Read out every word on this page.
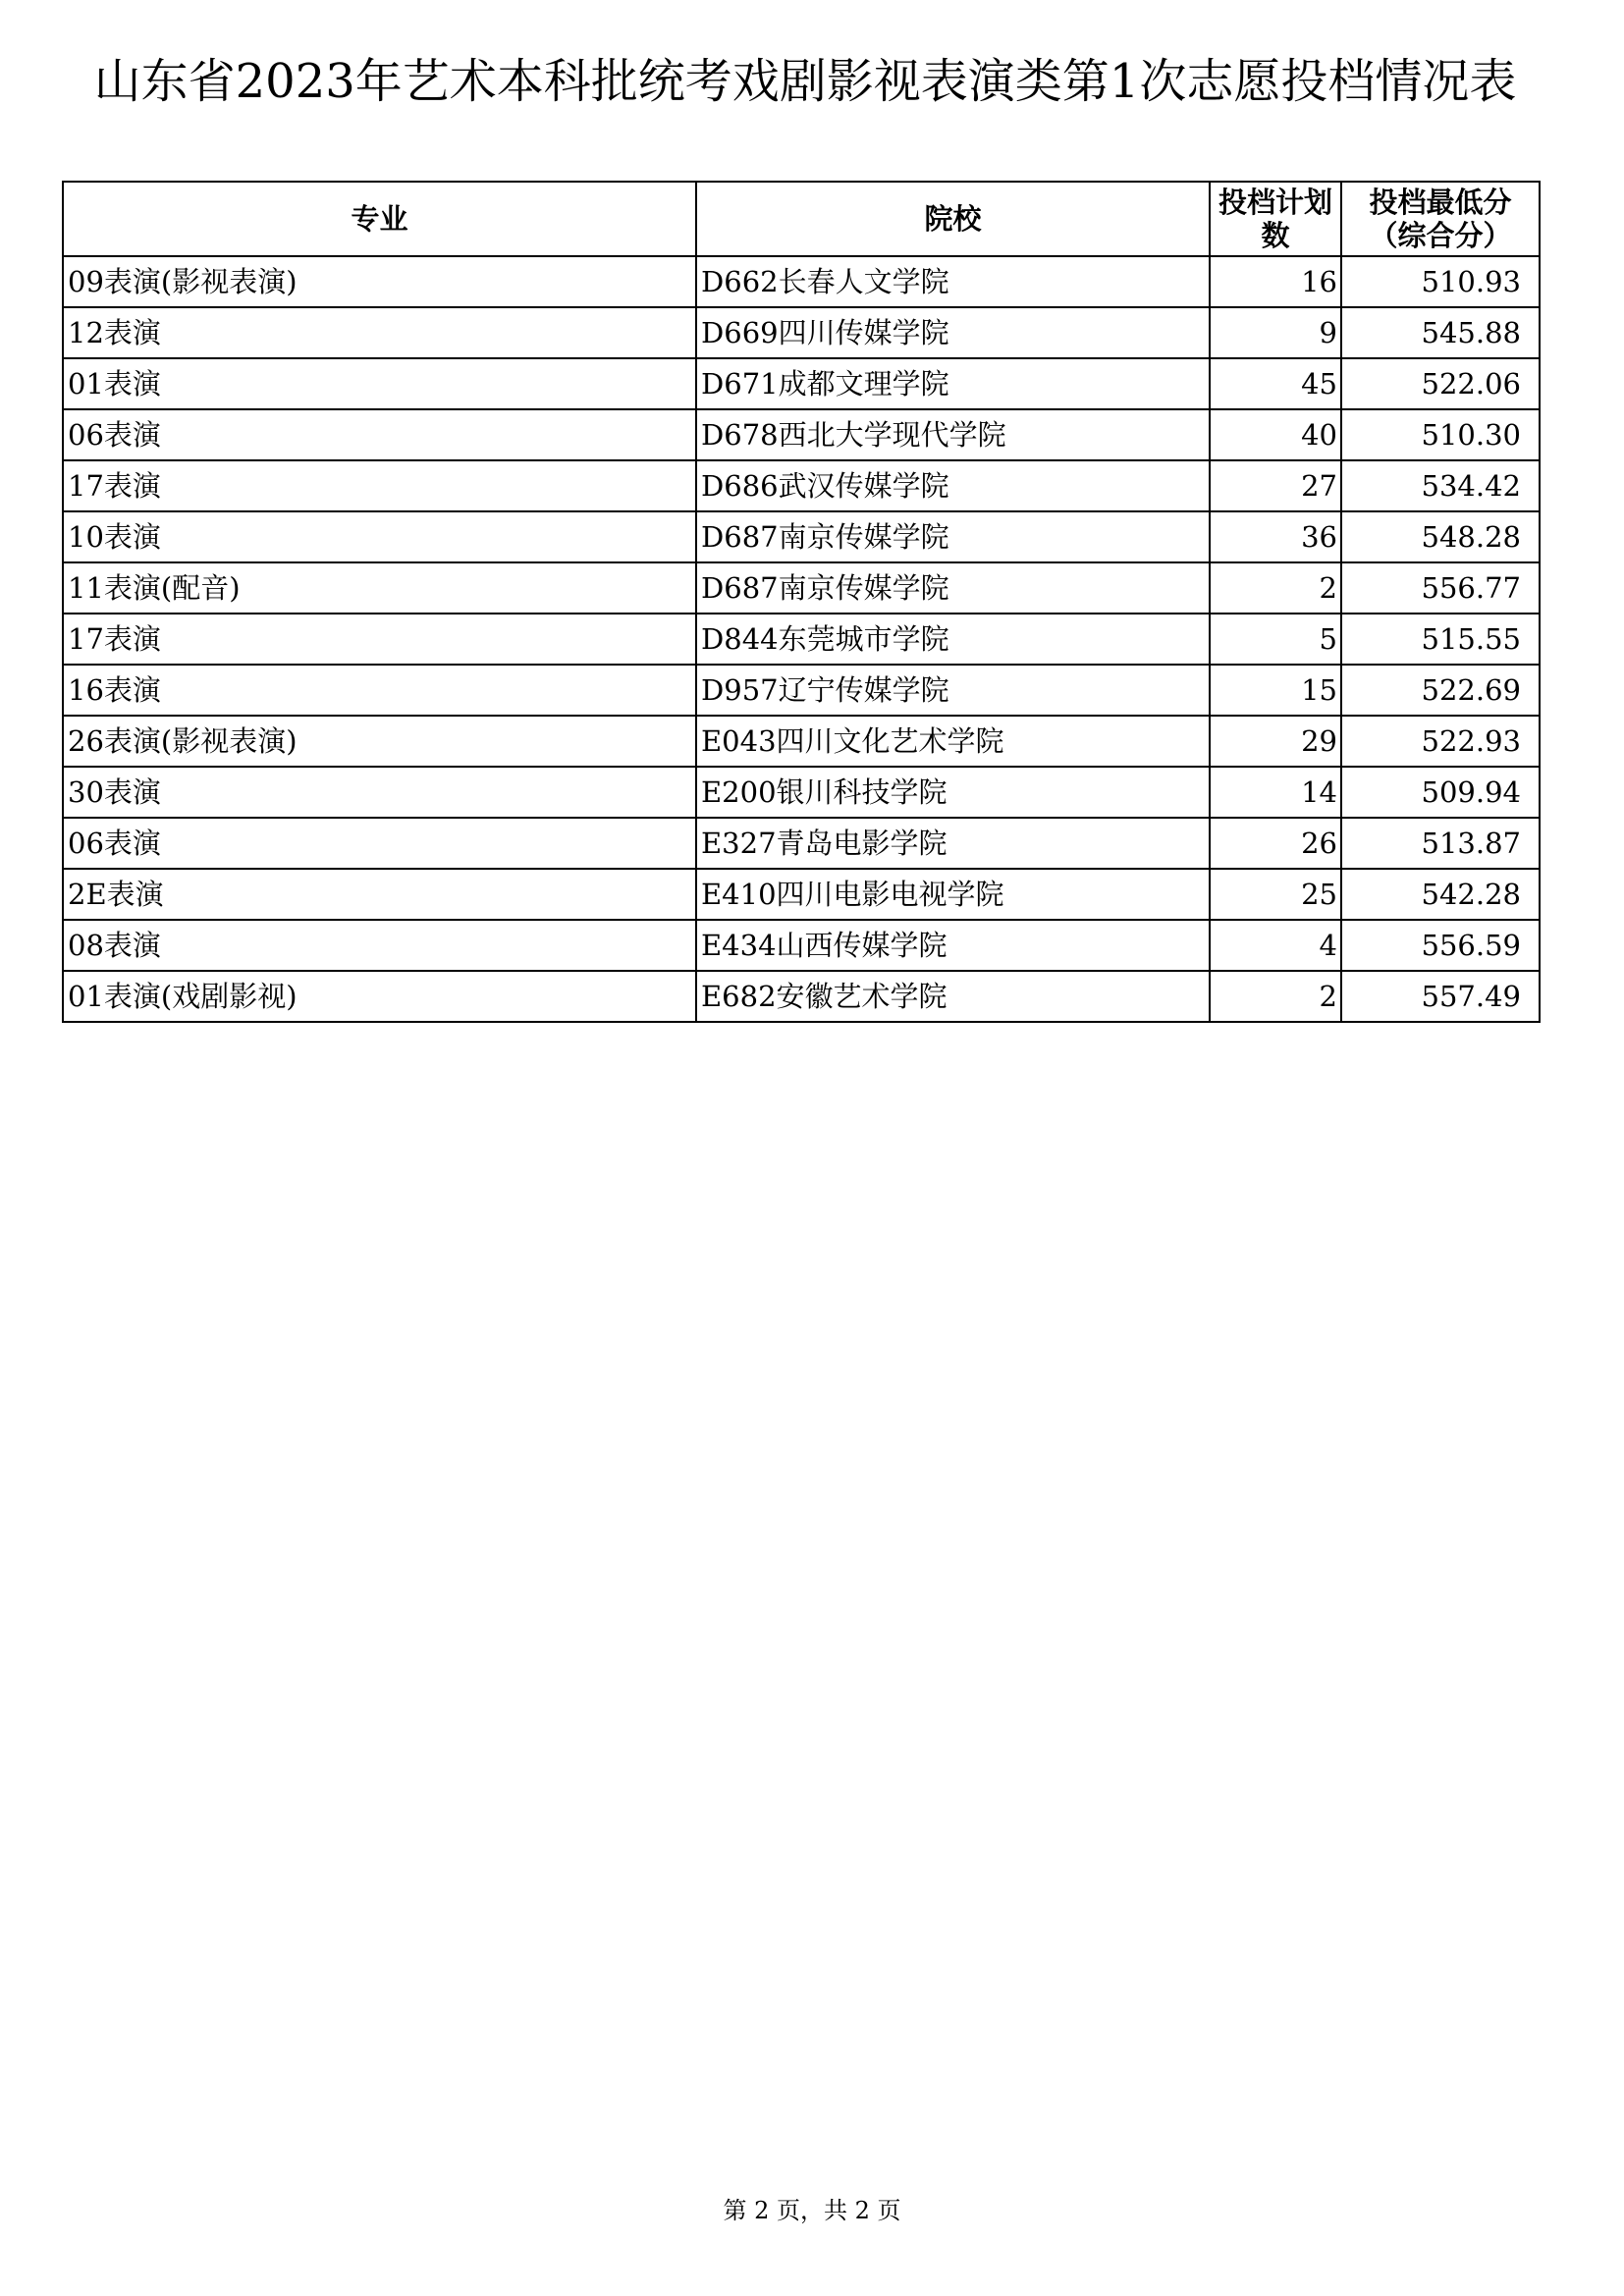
山东省2023年艺术本科批统考戏剧影视表演类第1次志愿投档情况表
专业	院校	投档计划数	投档最低分（综合分）
09表演(影视表演)	D662长春人文学院	16	510.93
12表演	D669四川传媒学院	9	545.88
01表演	D671成都文理学院	45	522.06
06表演	D678西北大学现代学院	40	510.30
17表演	D686武汉传媒学院	27	534.42
10表演	D687南京传媒学院	36	548.28
11表演(配音)	D687南京传媒学院	2	556.77
17表演	D844东莞城市学院	5	515.55
16表演	D957辽宁传媒学院	15	522.69
26表演(影视表演)	E043四川文化艺术学院	29	522.93
30表演	E200银川科技学院	14	509.94
06表演	E327青岛电影学院	26	513.87
2E表演	E410四川电影电视学院	25	542.28
08表演	E434山西传媒学院	4	556.59
01表演(戏剧影视)	E682安徽艺术学院	2	557.49
第 2 页，共 2 页
